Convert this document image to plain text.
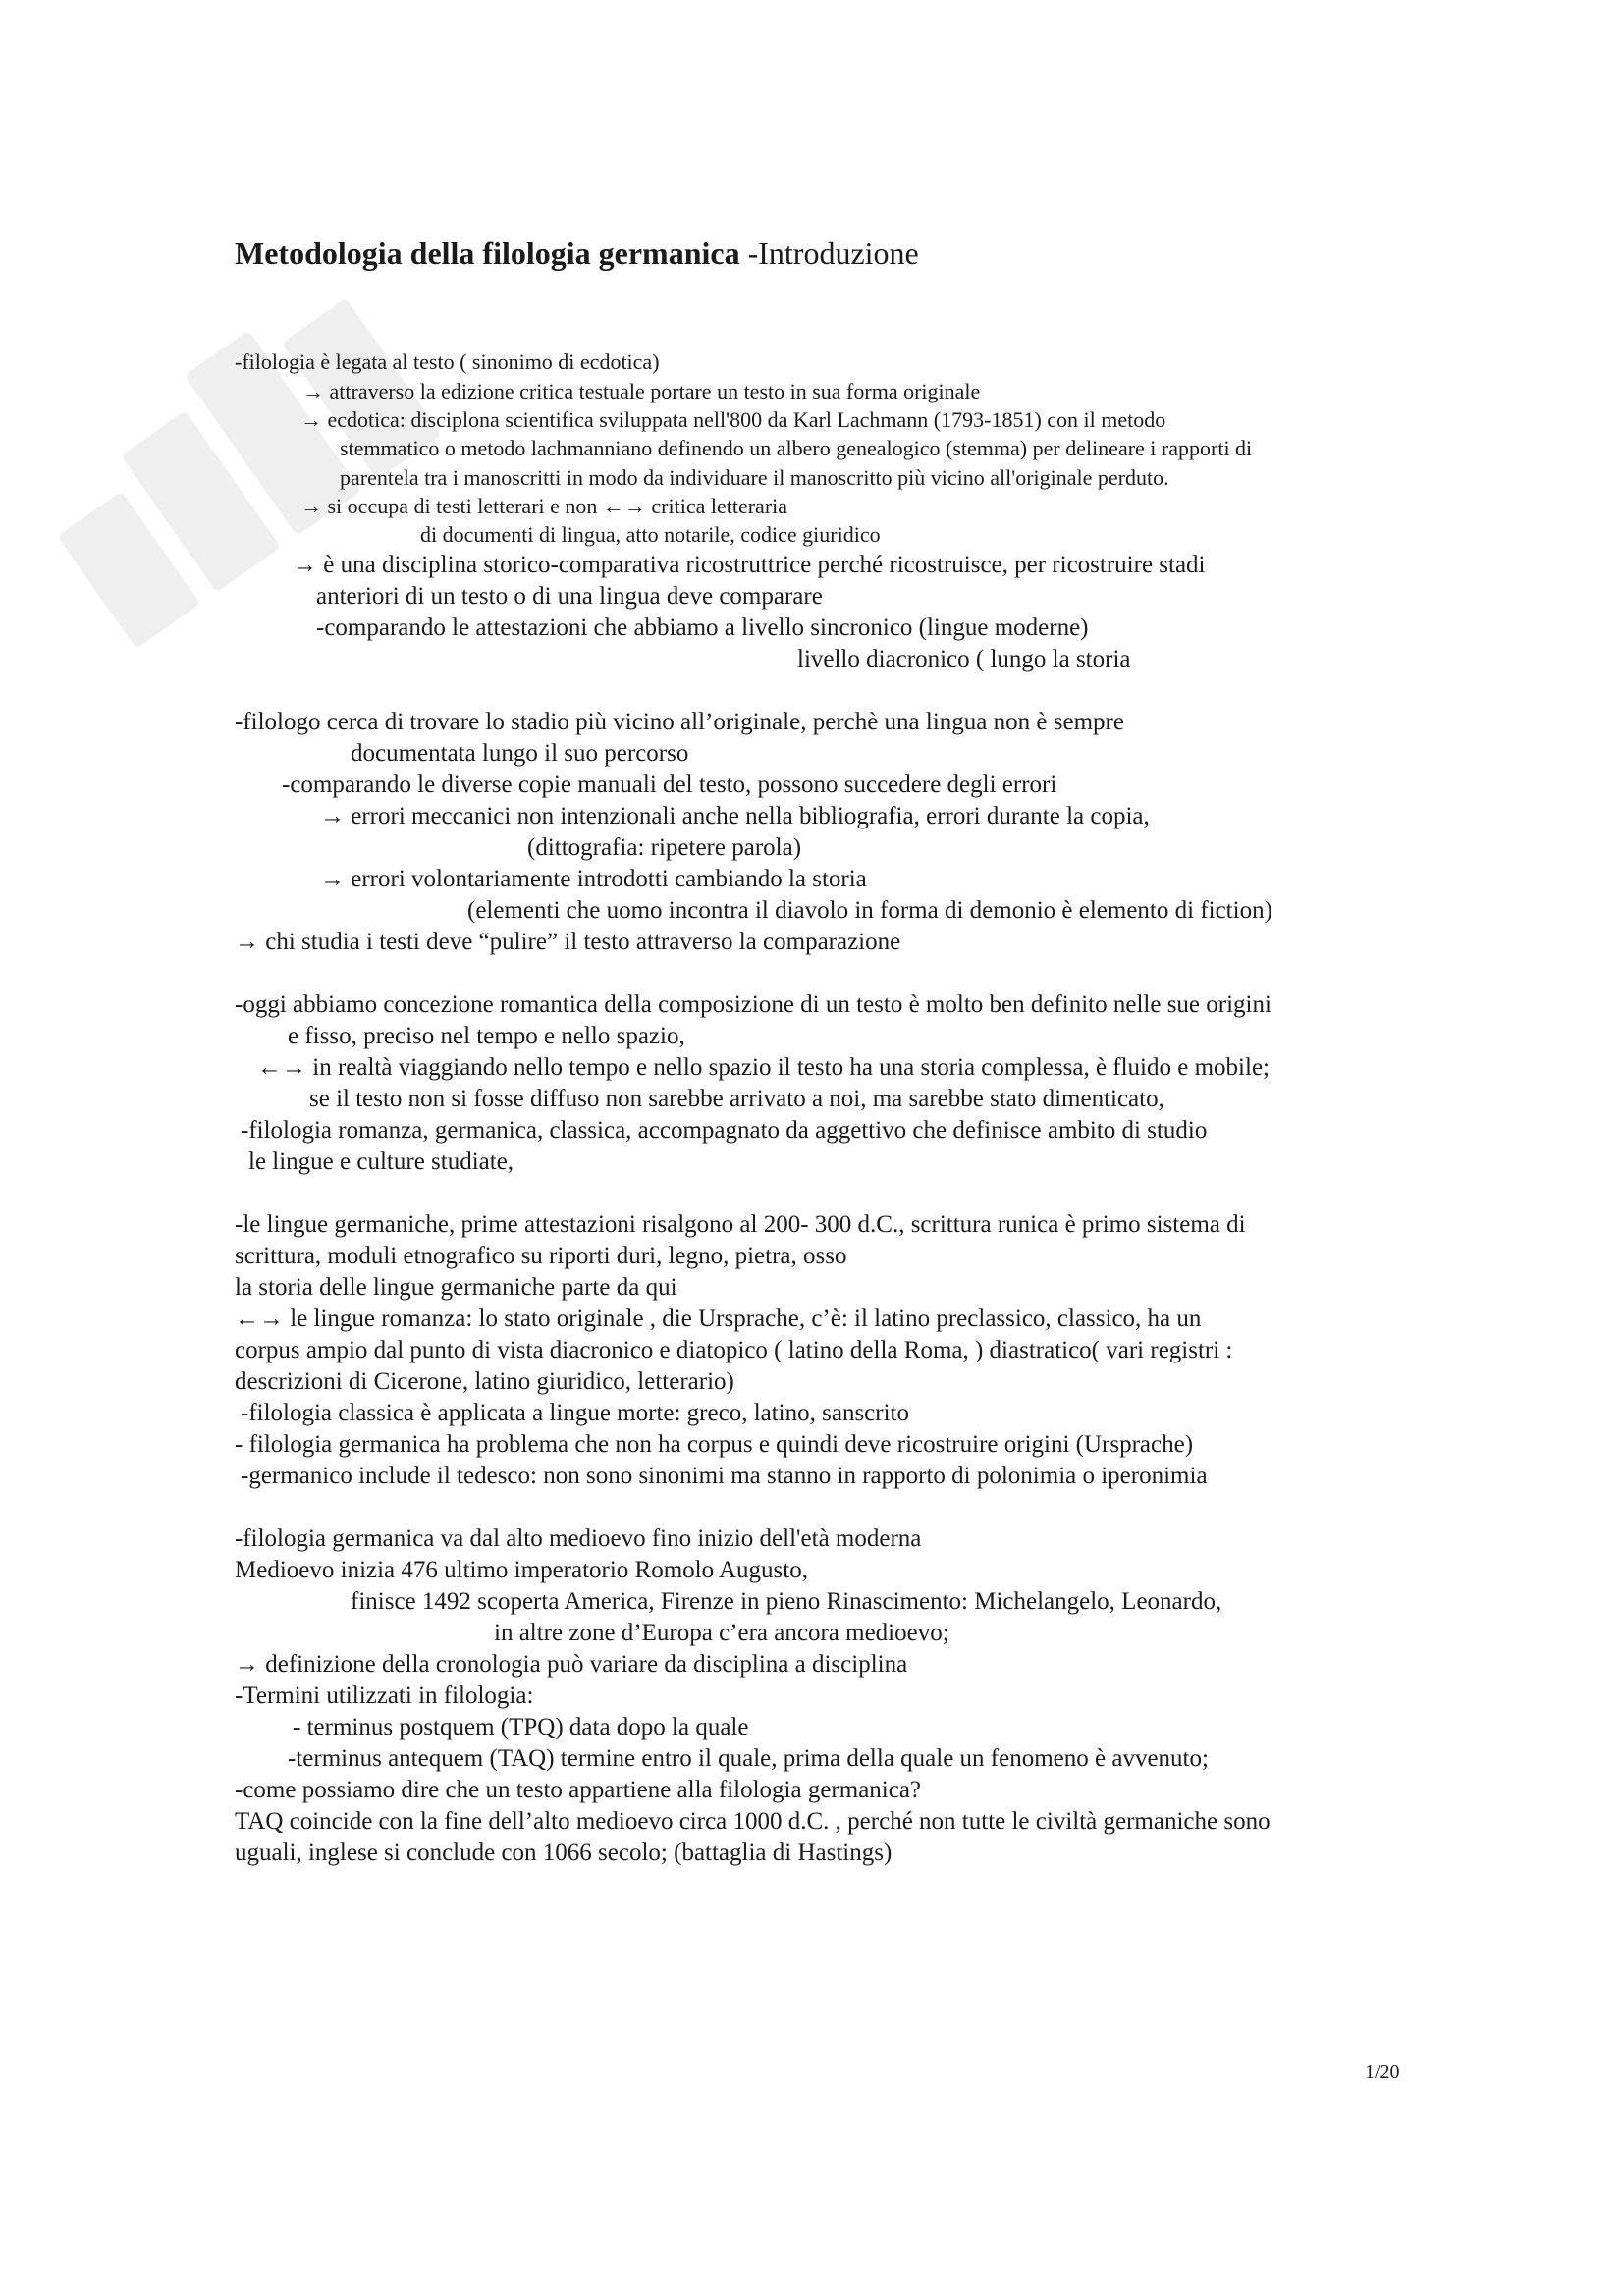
Metodologia della filologia germanica -Introduzione
-filologia è legata al testo ( sinonimo di ecdotica)
→ attraverso la edizione critica testuale portare un testo in sua forma originale
→ ecdotica: disciplona scientifica sviluppata nell'800 da Karl Lachmann (1793-1851) con il metodo
stemmatico o metodo lachmanniano definendo un albero genealogico (stemma) per delineare i rapporti di
parentela tra i manoscritti in modo da individuare il manoscritto più vicino all'originale perduto.
→ si occupa di testi letterari e non ←→ critica letteraria
di documenti di lingua, atto notarile, codice giuridico
→ è una disciplina storico-comparativa ricostruttrice perché ricostruisce, per ricostruire stadi
anteriori di un testo o di una lingua deve comparare
-comparando le attestazioni che abbiamo a livello sincronico (lingue moderne)
livello diacronico ( lungo la storia
-filologo cerca di trovare lo stadio più vicino all’originale, perchè una lingua non è sempre
documentata lungo il suo percorso
-comparando le diverse copie manuali del testo, possono succedere degli errori
→ errori meccanici non intenzionali anche nella bibliografia, errori durante la copia,
(dittografia: ripetere parola)
→ errori volontariamente introdotti cambiando la storia
(elementi che uomo incontra il diavolo in forma di demonio è elemento di fiction)
→ chi studia i testi deve “pulire” il testo attraverso la comparazione
-oggi abbiamo concezione romantica della composizione di un testo è molto ben definito nelle sue origini
e fisso, preciso nel tempo e nello spazio,
←→ in realtà viaggiando nello tempo e nello spazio il testo ha una storia complessa, è fluido e mobile;
se il testo non si fosse diffuso non sarebbe arrivato a noi, ma sarebbe stato dimenticato,
-filologia romanza, germanica, classica, accompagnato da aggettivo che definisce ambito di studio
le lingue e culture studiate,
-le lingue germaniche, prime attestazioni risalgono al 200- 300 d.C., scrittura runica è primo sistema di
scrittura, moduli etnografico su riporti duri, legno, pietra, osso
la storia delle lingue germaniche parte da qui
←→ le lingue romanza: lo stato originale , die Ursprache, c’è: il latino preclassico, classico, ha un
corpus ampio dal punto di vista diacronico e diatopico ( latino della Roma, ) diastratico( vari registri :
descrizioni di Cicerone, latino giuridico, letterario)
-filologia classica è applicata a lingue morte: greco, latino, sanscrito
- filologia germanica ha problema che non ha corpus e quindi deve ricostruire origini (Ursprache)
-germanico include il tedesco: non sono sinonimi ma stanno in rapporto di polonimia o iperonimia
-filologia germanica va dal alto medioevo fino inizio dell'età moderna
Medioevo inizia 476 ultimo imperatorio Romolo Augusto,
finisce 1492 scoperta America, Firenze in pieno Rinascimento: Michelangelo, Leonardo,
in altre zone d’Europa c’era ancora medioevo;
→ definizione della cronologia può variare da disciplina a disciplina
-Termini utilizzati in filologia:
- terminus postquem (TPQ) data dopo la quale
-terminus antequem (TAQ) termine entro il quale, prima della quale un fenomeno è avvenuto;
-come possiamo dire che un testo appartiene alla filologia germanica?
TAQ coincide con la fine dell’alto medioevo circa 1000 d.C. , perché non tutte le civiltà germaniche sono
uguali, inglese si conclude con 1066 secolo; (battaglia di Hastings)
1/20
